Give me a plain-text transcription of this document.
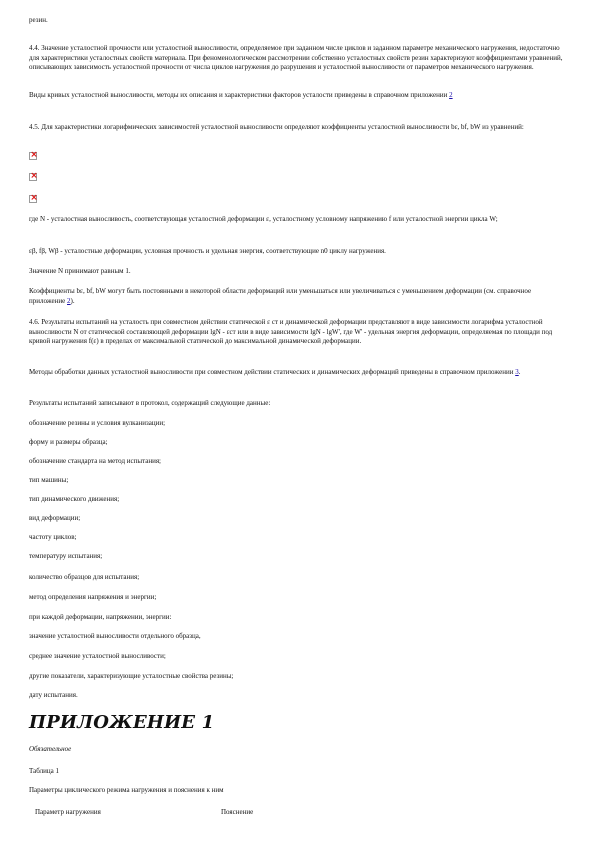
резин.

4.4. Значение усталостной прочности или усталостной выносливости, определяемое при заданном числе циклов и заданном параметре механического нагружения, недостаточно для характеристики усталостных свойств материала. При феноменологическом рассмотрении собственно усталостных свойств резин характеризуют коэффициентами уравнений, описывающих зависимость усталостной прочности от числа циклов нагружения до разрушения и усталостной выносливости от параметров механического нагружения.

Виды кривых усталостной выносливости, методы их описания и характеристики факторов усталости приведены в справочном приложении 2

4.5. Для характеристики логарифмических зависимостей усталостной выносливости определяют коэффициенты усталостной выносливости bε, bf, bW из уравнений:

×
×
×

где N - усталостная выносливость, соответствующая усталостной деформации ε, усталостному условному напряжению f или усталостной энергии цикла W;

εβ, fβ, Wβ - усталостные деформации, условная прочность и удельная энергия, соответствующие n0 циклу нагружения.

Значение N принимают равным 1.

Коэффициенты bε, bf, bW могут быть постоянными в некоторой области деформаций или уменьшаться или увеличиваться с уменьшением деформации (см. справочное приложение 2).

4.6. Результаты испытаний на усталость при совместном действии статической ε ст и динамической деформации представляют в виде зависимости логарифма усталостной выносливости N от статической составляющей деформации lgN - εст или в виде зависимости lgN - lgW', где W' - удельная энергия деформации, определяемая по площади под кривой нагружения f(ε) в пределах от максимальной статической до максимальной динамической деформации.

Методы обработки данных усталостной выносливости при совместном действии статических и динамических деформаций приведены в справочном приложении 3.

Результаты испытаний записывают в протокол, содержащий следующие данные:

обозначение резины и условия вулканизации;

форму и размеры образца;

обозначение стандарта на метод испытания;

тип машины;

тип динамического движения;

вид деформации;

частоту циклов;

температуру испытания;

количество образцов для испытания;

метод определения напряжения и энергии;

при каждой деформации, напряжении, энергии:

значение усталостной выносливости отдельного образца,

среднее значение усталостной выносливости;

другие показатели, характеризующие усталостные свойства резины;

дату испытания.

ПРИЛОЖЕНИЕ 1

Обязательное

Таблица 1

Параметры циклического режима нагружения и пояснения к ним

Параметр нагружения	Пояснение
